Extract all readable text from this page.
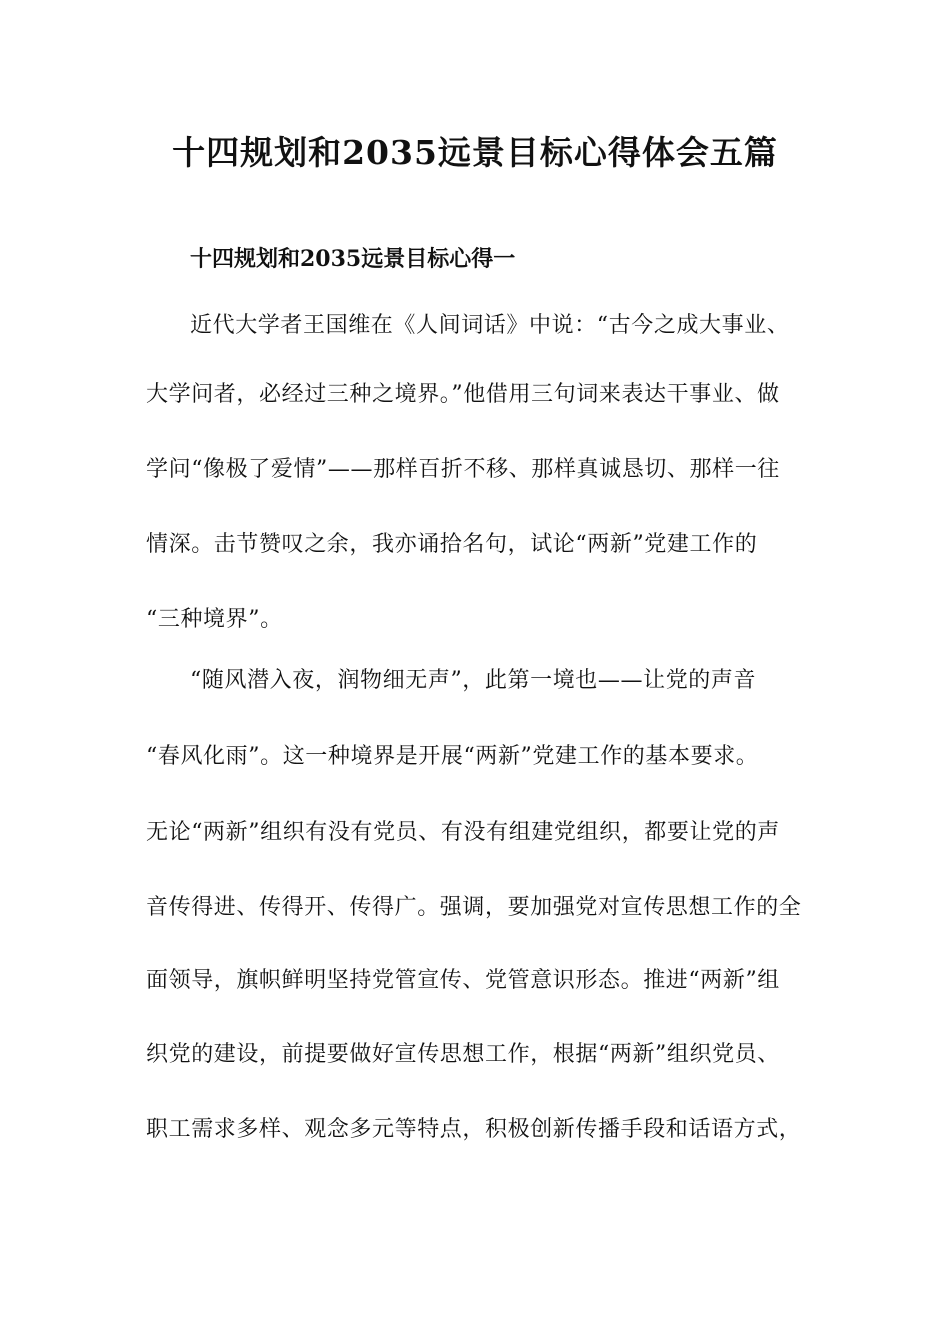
十四规划和2035远景目标心得体会五篇
十四规划和2035远景目标心得一
近代大学者王国维在《人间词话》中说：“古今之成大事业、
大学问者，必经过三种之境界。”他借用三句词来表达干事业、做
学问“像极了爱情”——那样百折不移、那样真诚恳切、那样一往
情深。击节赞叹之余，我亦诵拾名句，试论“两新”党建工作的
“三种境界”。
“随风潜入夜，润物细无声”，此第一境也——让党的声音
“春风化雨”。这一种境界是开展“两新”党建工作的基本要求。
无论“两新”组织有没有党员、有没有组建党组织，都要让党的声
音传得进、传得开、传得广。强调，要加强党对宣传思想工作的全
面领导，旗帜鲜明坚持党管宣传、党管意识形态。推进“两新”组
织党的建设，前提要做好宣传思想工作，根据“两新”组织党员、
职工需求多样、观念多元等特点，积极创新传播手段和话语方式，
